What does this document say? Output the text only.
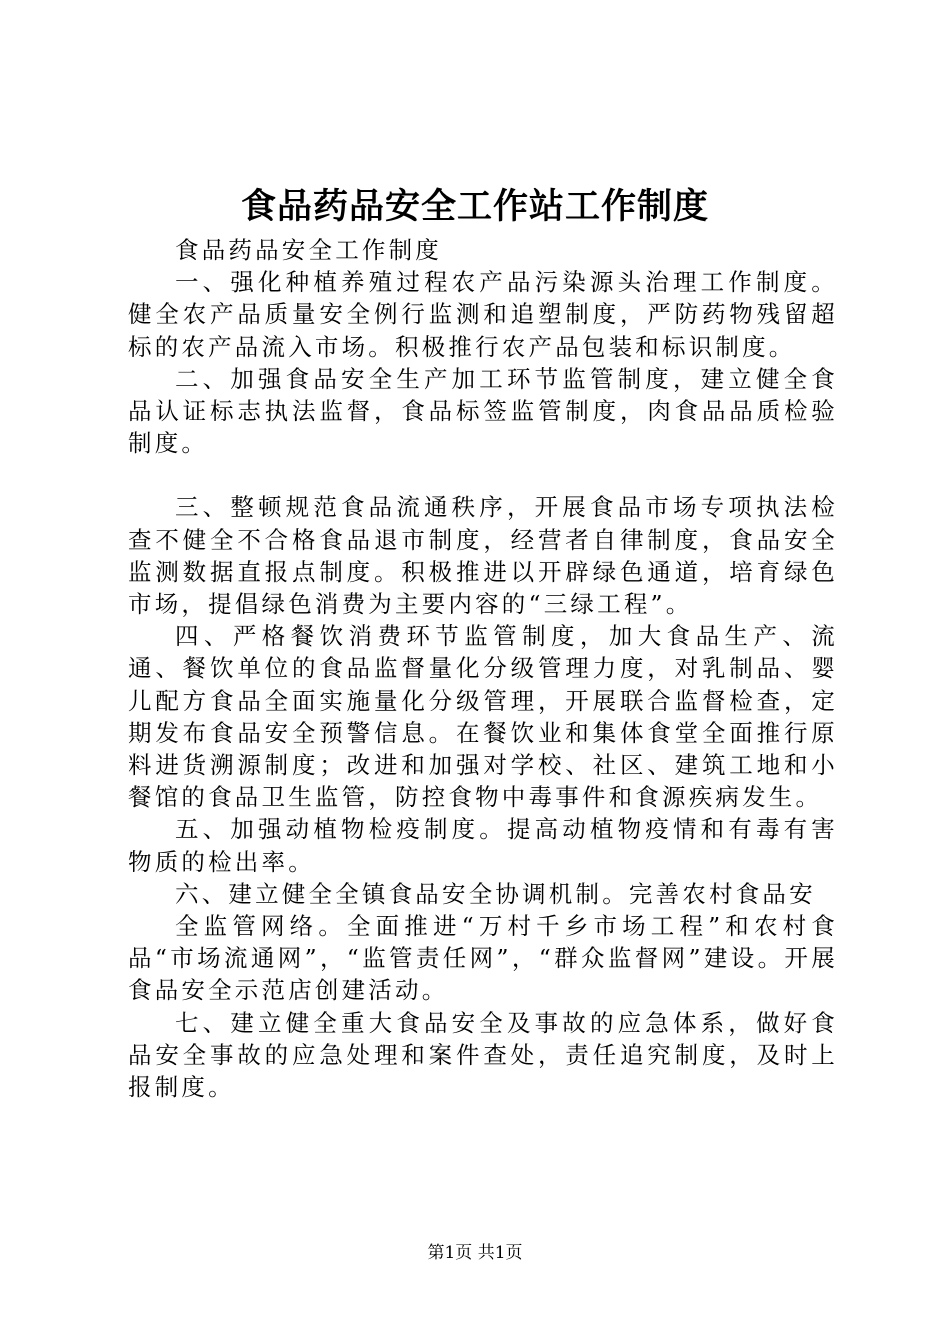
食品药品安全工作站工作制度

食品药品安全工作制度

一、强化种植养殖过程农产品污染源头治理工作制度。健全农产品质量安全例行监测和追塑制度，严防药物残留超标的农产品流入市场。积极推行农产品包装和标识制度。

二、加强食品安全生产加工环节监管制度，建立健全食品认证标志执法监督，食品标签监管制度，肉食品品质检验制度。

三、整顿规范食品流通秩序，开展食品市场专项执法检查不健全不合格食品退市制度，经营者自律制度，食品安全监测数据直报点制度。积极推进以开辟绿色通道，培育绿色市场，提倡绿色消费为主要内容的“三绿工程”。

四、严格餐饮消费环节监管制度，加大食品生产、流通、餐饮单位的食品监督量化分级管理力度，对乳制品、婴儿配方食品全面实施量化分级管理，开展联合监督检查，定期发布食品安全预警信息。在餐饮业和集体食堂全面推行原料进货溯源制度；改进和加强对学校、社区、建筑工地和小餐馆的食品卫生监管，防控食物中毒事件和食源疾病发生。

五、加强动植物检疫制度。提高动植物疫情和有毒有害物质的检出率。

六、建立健全全镇食品安全协调机制。完善农村食品安

全监管网络。全面推进“万村千乡市场工程”和农村食品“市场流通网”，“监管责任网”，“群众监督网”建设。开展食品安全示范店创建活动。

七、建立健全重大食品安全及事故的应急体系，做好食品安全事故的应急处理和案件查处，责任追究制度，及时上报制度。

第1页 共1页
